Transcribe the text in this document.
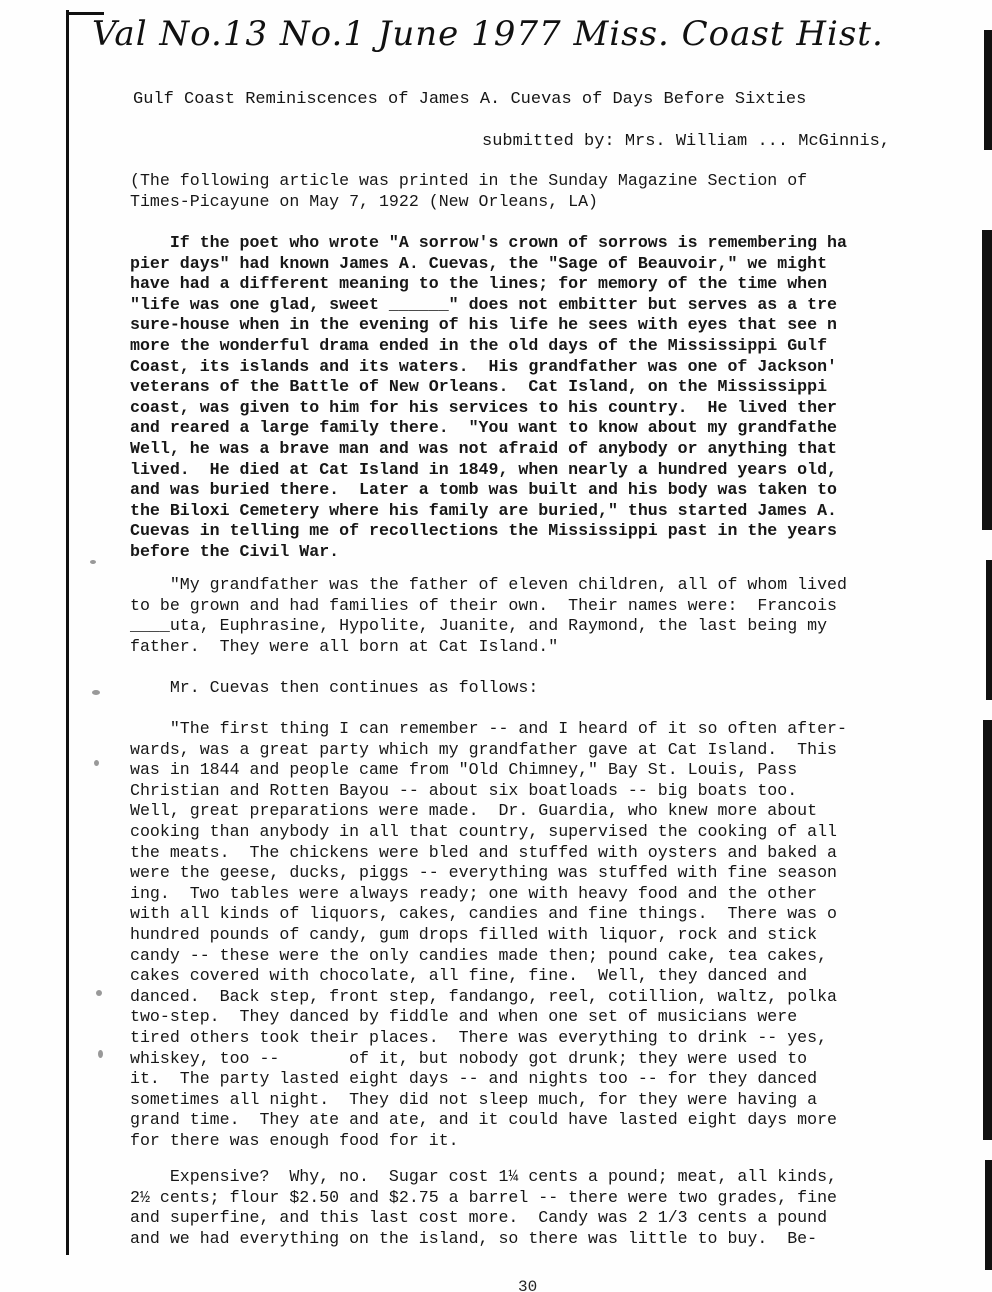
Val No.13 No.1 June 1977 Miss. Coast Hist.
Gulf Coast Reminiscences of James A. Cuevas of Days Before Sixties
submitted by: Mrs. William ... McGinnis,
(The following article was printed in the Sunday Magazine Section of
Times-Picayune on May 7, 1922 (New Orleans, LA)
If the poet who wrote "A sorrow's crown of sorrows is remembering ha
pier days" had known James A. Cuevas, the "Sage of Beauvoir," we might
have had a different meaning to the lines; for memory of the time when
"life was one glad, sweet ______" does not embitter but serves as a tre
sure-house when in the evening of his life he sees with eyes that see n
more the wonderful drama ended in the old days of the Mississippi Gulf
Coast, its islands and its waters.  His grandfather was one of Jackson'
veterans of the Battle of New Orleans.  Cat Island, on the Mississippi
coast, was given to him for his services to his country.  He lived ther
and reared a large family there.  "You want to know about my grandfathe
Well, he was a brave man and was not afraid of anybody or anything that
lived.  He died at Cat Island in 1849, when nearly a hundred years old,
and was buried there.  Later a tomb was built and his body was taken to
the Biloxi Cemetery where his family are buried," thus started James A.
Cuevas in telling me of recollections the Mississippi past in the years
before the Civil War.
"My grandfather was the father of eleven children, all of whom lived
to be grown and had families of their own.  Their names were:  Francois
____uta, Euphrasine, Hypolite, Juanite, and Raymond, the last being my
father.  They were all born at Cat Island."
Mr. Cuevas then continues as follows:
"The first thing I can remember -- and I heard of it so often after-
wards, was a great party which my grandfather gave at Cat Island.  This
was in 1844 and people came from "Old Chimney," Bay St. Louis, Pass
Christian and Rotten Bayou -- about six boatloads -- big boats too.
Well, great preparations were made.  Dr. Guardia, who knew more about
cooking than anybody in all that country, supervised the cooking of all
the meats.  The chickens were bled and stuffed with oysters and baked a
were the geese, ducks, piggs -- everything was stuffed with fine season
ing.  Two tables were always ready; one with heavy food and the other
with all kinds of liquors, cakes, candies and fine things.  There was o
hundred pounds of candy, gum drops filled with liquor, rock and stick
candy -- these were the only candies made then; pound cake, tea cakes,
cakes covered with chocolate, all fine, fine.  Well, they danced and
danced.  Back step, front step, fandango, reel, cotillion, waltz, polka
two-step.  They danced by fiddle and when one set of musicians were
tired others took their places.  There was everything to drink -- yes,
whiskey, too --       of it, but nobody got drunk; they were used to
it.  The party lasted eight days -- and nights too -- for they danced
sometimes all night.  They did not sleep much, for they were having a
grand time.  They ate and ate, and it could have lasted eight days more
for there was enough food for it.
Expensive?  Why, no.  Sugar cost 1¼ cents a pound; meat, all kinds,
2½ cents; flour $2.50 and $2.75 a barrel -- there were two grades, fine
and superfine, and this last cost more.  Candy was 2 1/3 cents a pound
and we had everything on the island, so there was little to buy.  Be-
30
